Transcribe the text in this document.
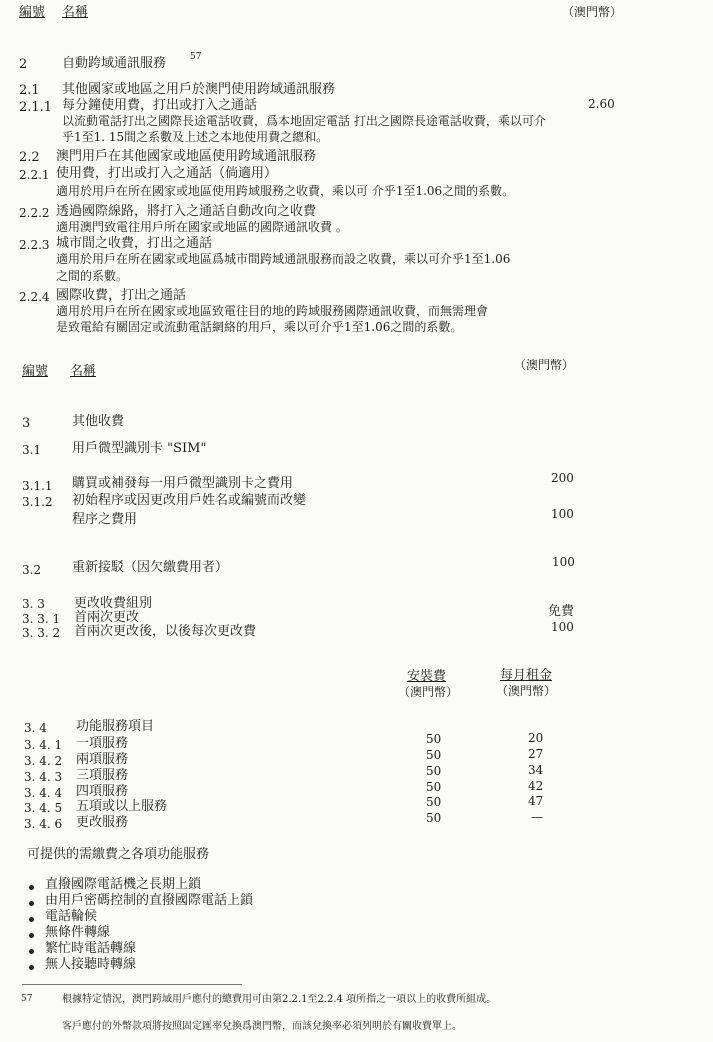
編號 名稱	（澳門幣）
2	自動跨域通訊服務	57
2.1 其他國家或地區之用戶於澳門使用跨域通訊服務
2.1.1 每分鐘使用費，打出或打入之通話	2.60
以流動電話打出之國際長途電話收費，爲本地固定電話 打出之國際長途電話收費，乘以可介
乎1至1. 15間之系數及上述之本地使用費之總和。
2.2 澳門用戶在其他國家或地區使用跨域通訊服務
2.2.1 使用費，打出或打入之通話（倘適用）
適用於用戶在所在國家或地區使用跨域服務之收費，乘以可 介乎1至1.06之間的系數。
2.2.2 透過國際線路，將打入之通話自動改向之收費
適用澳門致電往用戶所在國家或地區的國際通訊收費 。
2.2.3 城市間之收費，打出之通話
適用於用戶在所在國家或地區爲城市間跨域通訊服務而設之收費，乘以可介乎1至1.06
之間的系數。
2.2.4 國際收費，打出之通話
適用於用戶在所在國家或地區致電往目的地的跨域服務國際通訊收費，而無需理會
是致電給有關固定或流動電話網絡的用戶，乘以可介乎1至1.06之間的系數。
編號 名稱	（澳門幣）
3	其他收費
3.1 用戶微型識別卡 "SIM"
3.1.1 購買或補發每一用戶微型識別卡之費用	200
3.1.2 初始程序或因更改用戶姓名或編號而改變
程序之費用	100
3.2 重新接駁（因欠繳費用者）	100
3. 3 更改收費組別
3. 3. 1 首兩次更改	免費
3. 3. 2 首兩次更改後，以後每次更改費	100
安裝費
（澳門幣）
每月租金
（澳門幣）
3. 4 功能服務項目
3. 4. 1 一項服務	50	20
3. 4. 2 兩項服務	50	27
3. 4. 3 三項服務	50	34
3. 4. 4 四項服務	50	42
3. 4. 5 五項或以上服務	50	47
3. 4. 6 更改服務	50	—
可提供的需繳費之各項功能服務
直撥國際電話機之長期上鎖
由用戶密碼控制的直撥國際電話上鎖
電話輪候
無條件轉線
繁忙時電話轉線
無人接聽時轉線
57	根據特定情況，澳門跨域用戶應付的總費用可由第2.2.1至2.2.4 項所指之一項以上的收費所組成。
客戶應付的外幣款項將按照固定匯率兌換爲澳門幣，而該兌換率必須列明於有關收費單上。
